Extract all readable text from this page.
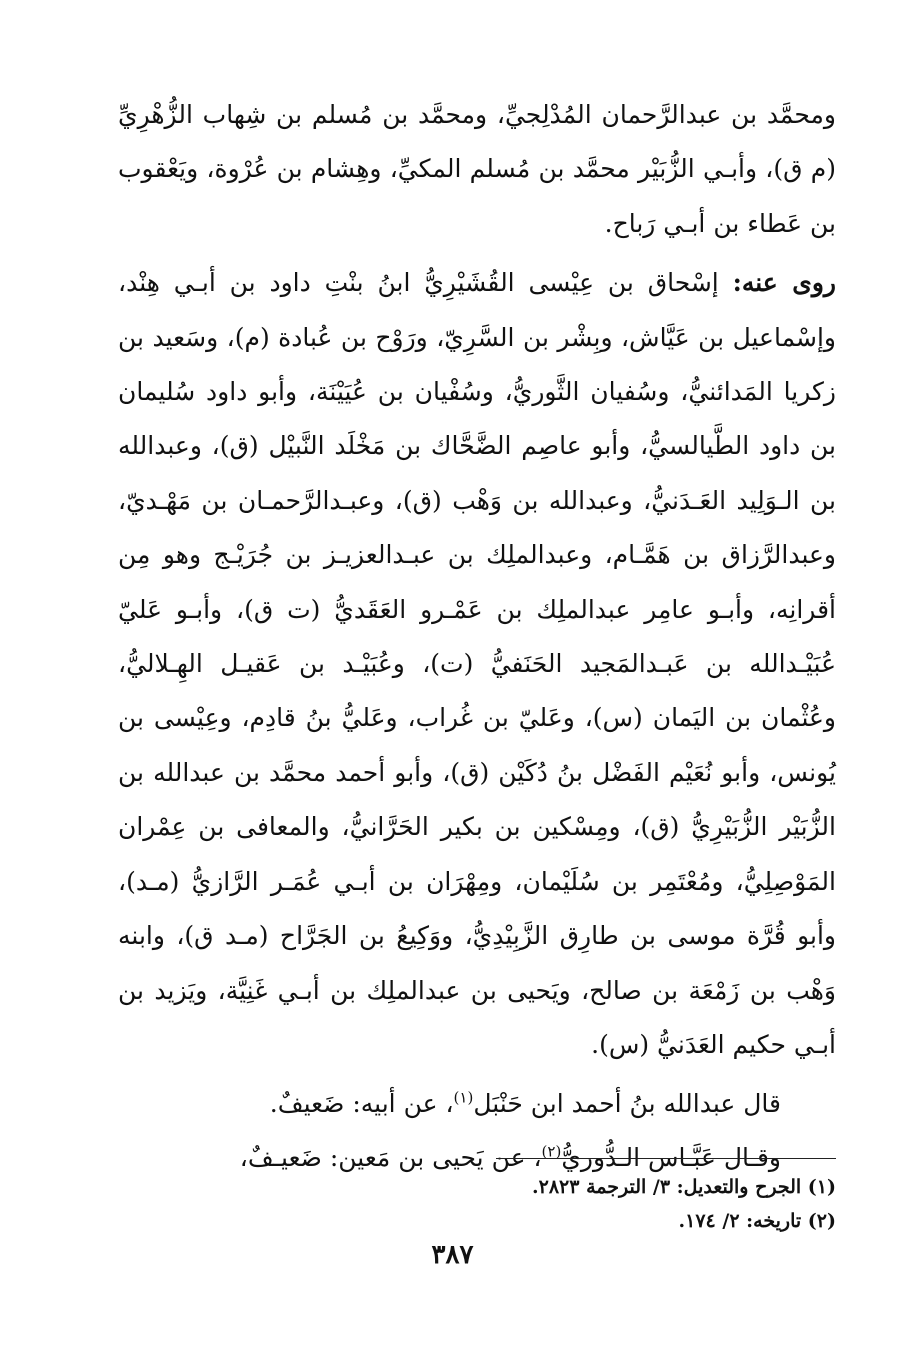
ومحمَّد بن عبدالرَّحمان المُدْلِجيِّ، ومحمَّد بن مُسلم بن شِهاب الزُّهْرِيِّ (م ق)، وأبـي الزُّبَيْر محمَّد بن مُسلم المكيِّ، وهِشام بن عُرْوة، ويَعْقوب بن عَطاء بن أبـي رَباح.

روى عنه: إسْحاق بن عِيْسى القُشَيْرِيُّ ابنُ بنْتِ داود بن أبـي هِنْد، وإسْماعيل بن عَيَّاش، وبِشْر بن السَّرِيّ، ورَوْح بن عُبادة (م)، وسَعيد بن زكريا المَدائنيُّ، وسُفيان الثَّوريُّ، وسُفْيان بن عُيَيْنَة، وأبو داود سُليمان بن داود الطَّيالسيُّ، وأبو عاصِم الضَّحَّاك بن مَخْلَد النَّبيْل (ق)، وعبدالله بن الـوَلِيد العَـدَنيُّ، وعبدالله بن وَهْب (ق)، وعبـدالرَّحمـان بن مَهْـديّ، وعبدالرَّزاق بن هَمَّـام، وعبدالملِك بن عبـدالعزيـز بن جُرَيْـج وهو مِن أقرانِه، وأبـو عامِر عبدالملِك بن عَمْـرو العَقَديُّ (ت ق)، وأبـو عَليّ عُبَيْـدالله بن عَبـدالمَجيد الحَنَفيُّ (ت)، وعُبَيْـد بن عَقيـل الهِـلاليُّ، وعُثْمان بن اليَمان (س)، وعَليّ بن غُراب، وعَليُّ بنُ قادِم، وعِيْسى بن يُونس، وأبو نُعَيْم الفَضْل بنُ دُكَيْن (ق)، وأبو أحمد محمَّد بن عبدالله بن الزُّبَيْر الزُّبَيْرِيُّ (ق)، ومِسْكين بن بكير الحَرَّانيُّ، والمعافى بن عِمْران المَوْصِلِيُّ، ومُعْتَمِر بن سُلَيْمان، ومِهْرَان بن أبـي عُمَـر الرَّازيُّ (مـد)، وأبو قُرَّة موسى بن طارِق الزَّبِيْدِيُّ، ووَكِيعُ بن الجَرَّاح (مـد ق)، وابنه وَهْب بن زَمْعَة بن صالح، ويَحيى بن عبدالملِك بن أبـي غَنِيَّة، ويَزيد بن أبـي حكيم العَدَنيُّ (س).

قال عبدالله بنُ أحمد ابن حَنْبَل$^{(١)}$، عن أبيه: ضَعيفٌ.

وقـال عَبَّـاس الـدُّوريُّ$^{(٢)}$، عن يَحيى بن مَعين: ضَعيـفٌ،

(١) الجرح والتعديل: ٣/ الترجمة ٢٨٢٣.

(٢) تاريخه: ٢/ ١٧٤.

٣٨٧
